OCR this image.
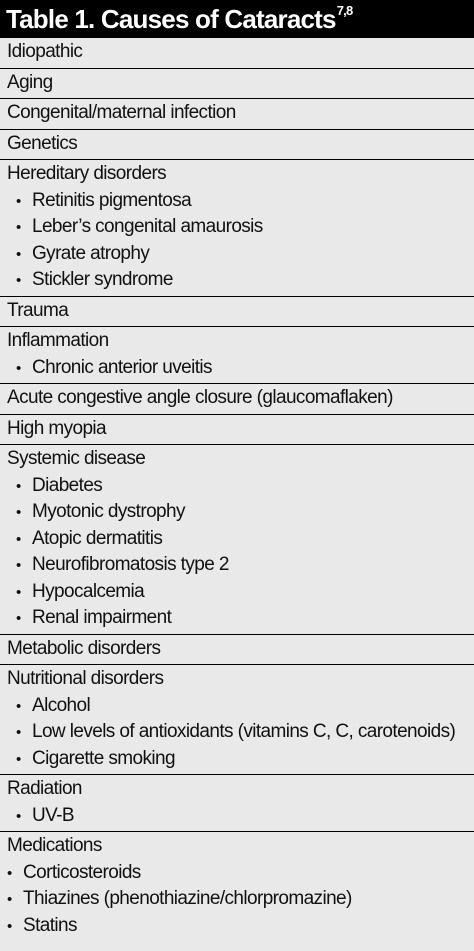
Table 1. Causes of Cataracts$^{7,8}$
Idiopathic
Aging
Congenital/maternal infection
Genetics
Hereditary disorders
• Retinitis pigmentosa
• Leber’s congenital amaurosis
• Gyrate atrophy
• Stickler syndrome
Trauma
Inflammation
• Chronic anterior uveitis
Acute congestive angle closure (glaucomaflaken)
High myopia
Systemic disease
• Diabetes
• Myotonic dystrophy
• Atopic dermatitis
• Neurofibromatosis type 2
• Hypocalcemia
• Renal impairment
Metabolic disorders
Nutritional disorders
• Alcohol
• Low levels of antioxidants (vitamins C, C, carotenoids)
• Cigarette smoking
Radiation
• UV-B
Medications
• Corticosteroids
• Thiazines (phenothiazine/chlorpromazine)
• Statins
